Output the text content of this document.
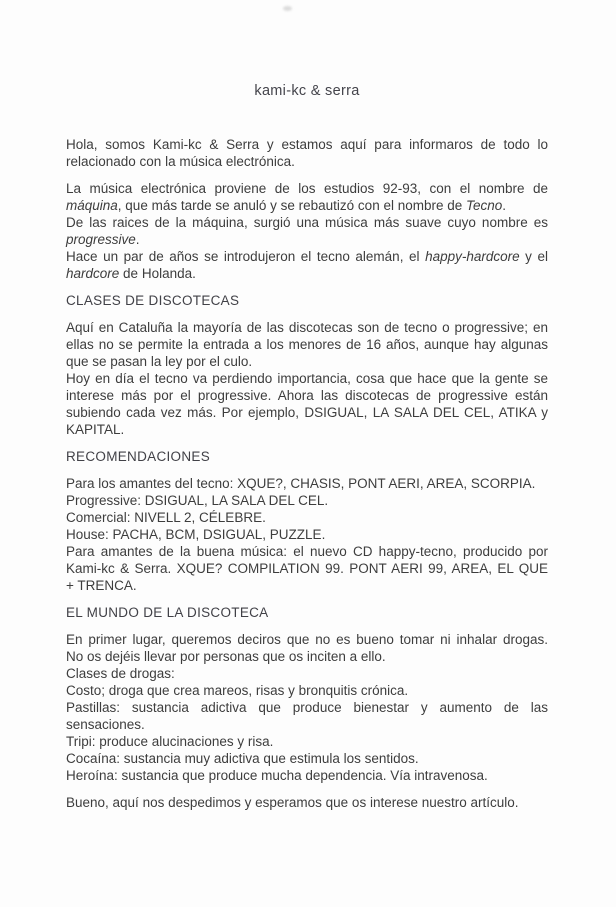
kami-kc & serra
Hola, somos Kami-kc & Serra y estamos aquí para informaros de todo lo
relacionado con la música electrónica.
La música electrónica proviene de los estudios 92-93, con el nombre de
máquina, que más tarde se anuló y se rebautizó con el nombre de Tecno.
De las raices de la máquina, surgió una música más suave cuyo nombre es
progressive.
Hace un par de años se introdujeron el tecno alemán, el happy-hardcore y el
hardcore de Holanda.
CLASES DE DISCOTECAS
Aquí en Cataluña la mayoría de las discotecas son de tecno o progressive; en
ellas no se permite la entrada a los menores de 16 años, aunque hay algunas
que se pasan la ley por el culo.
Hoy en día el tecno va perdiendo importancia, cosa que hace que la gente se
interese más por el progressive. Ahora las discotecas de progressive están
subiendo cada vez más. Por ejemplo, DSIGUAL, LA SALA DEL CEL, ATIKA y
KAPITAL.
RECOMENDACIONES
Para los amantes del tecno: XQUE?, CHASIS, PONT AERI, AREA, SCORPIA.
Progressive: DSIGUAL, LA SALA DEL CEL.
Comercial: NIVELL 2, CÉLEBRE.
House: PACHA, BCM, DSIGUAL, PUZZLE.
Para amantes de la buena música: el nuevo CD happy-tecno, producido por
Kami-kc & Serra. XQUE? COMPILATION 99. PONT AERI 99, AREA, EL QUE
+ TRENCA.
EL MUNDO DE LA DISCOTECA
En primer lugar, queremos deciros que no es bueno tomar ni inhalar drogas.
No os dejéis llevar por personas que os inciten a ello.
Clases de drogas:
Costo; droga que crea mareos, risas y bronquitis crónica.
Pastillas: sustancia adictiva que produce bienestar y aumento de las
sensaciones.
Tripi: produce alucinaciones y risa.
Cocaína: sustancia muy adictiva que estimula los sentidos.
Heroína: sustancia que produce mucha dependencia. Vía intravenosa.
Bueno, aquí nos despedimos y esperamos que os interese nuestro artículo.
